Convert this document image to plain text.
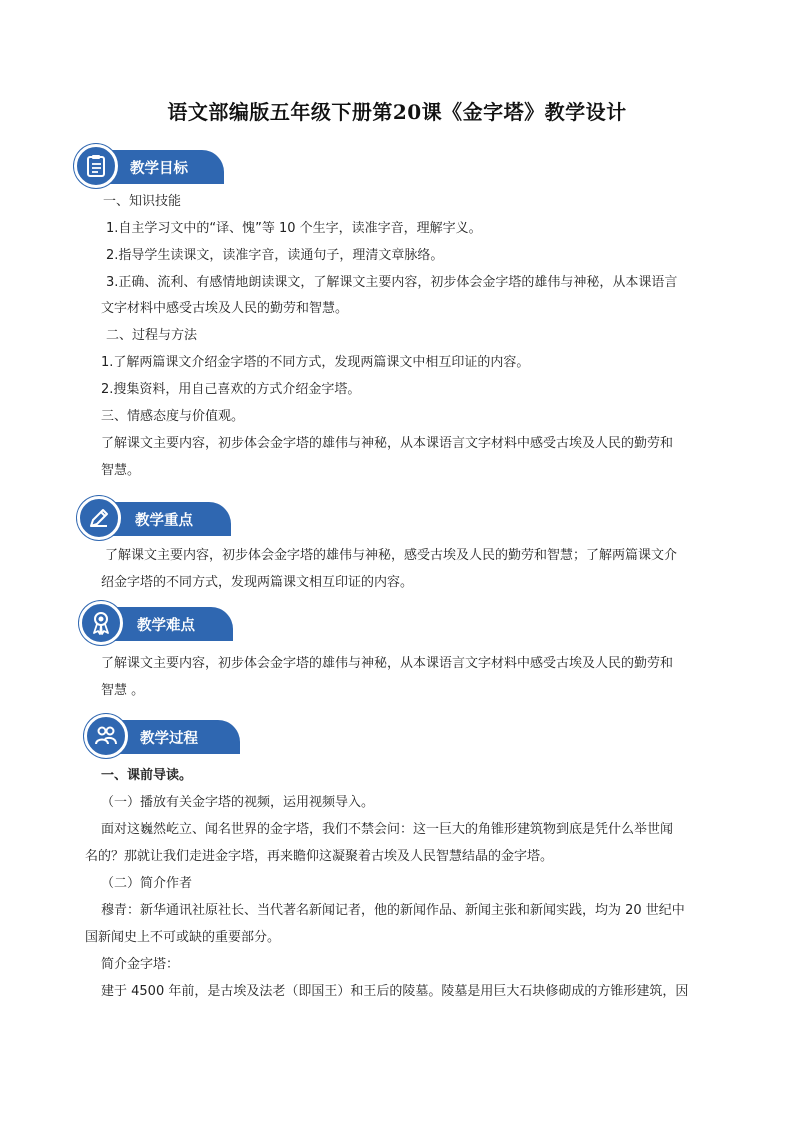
语文部编版五年级下册第20课《金字塔》教学设计
教学目标
一、知识技能
1.自主学习文中的“译、愧”等 10 个生字，读准字音，理解字义。
2.指导学生读课文，读准字音，读通句子，理清文章脉络。
3.正确、流利、有感情地朗读课文，了解课文主要内容，初步体会金字塔的雄伟与神秘，从本课语言
文字材料中感受古埃及人民的勤劳和智慧。
二、过程与方法
1.了解两篇课文介绍金字塔的不同方式，发现两篇课文中相互印证的内容。
2.搜集资料，用自己喜欢的方式介绍金字塔。
三、情感态度与价值观。
了解课文主要内容，初步体会金字塔的雄伟与神秘，从本课语言文字材料中感受古埃及人民的勤劳和
智慧。
教学重点
了解课文主要内容，初步体会金字塔的雄伟与神秘，感受古埃及人民的勤劳和智慧；了解两篇课文介
绍金字塔的不同方式，发现两篇课文相互印证的内容。
教学难点
了解课文主要内容，初步体会金字塔的雄伟与神秘，从本课语言文字材料中感受古埃及人民的勤劳和
智慧 。
教学过程
一、课前导读。
（一）播放有关金字塔的视频，运用视频导入。
面对这巍然屹立、闻名世界的金字塔，我们不禁会问：这一巨大的角锥形建筑物到底是凭什么举世闻
名的？那就让我们走进金字塔，再来瞻仰这凝聚着古埃及人民智慧结晶的金字塔。
（二）简介作者
穆青：新华通讯社原社长、当代著名新闻记者，他的新闻作品、新闻主张和新闻实践，均为 20 世纪中
国新闻史上不可或缺的重要部分。
简介金字塔：
建于 4500 年前，是古埃及法老（即国王）和王后的陵墓。陵墓是用巨大石块修砌成的方锥形建筑，因
